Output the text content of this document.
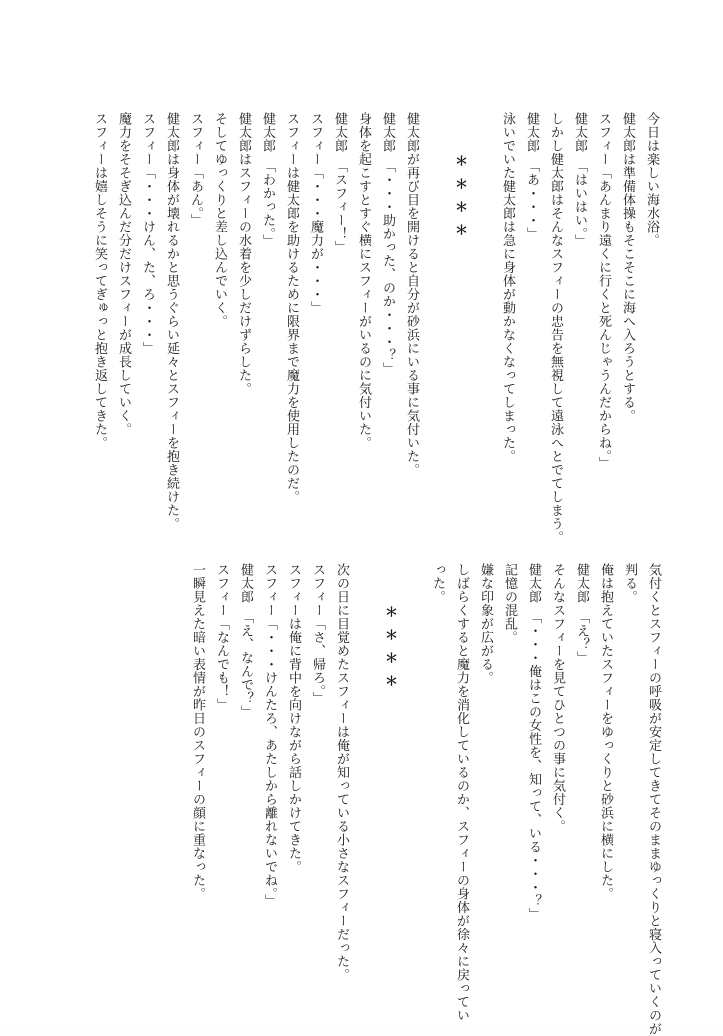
今日は楽しい海水浴。
健太郎は準備体操もそこそこに海へ入ろうとする。
スフィー「あんまり遠くに行くと死んじゃうんだからね。」
健太郎　「はいはい。」
しかし健太郎はそんなスフィーの忠告を無視して遠泳へとでてしまう。
健太郎　「あ・・・」
泳いでいた健太郎は急に身体が動かなくなってしまった。
＊＊＊＊
健太郎が再び目を開けると自分が砂浜にいる事に気付いた。
健太郎　「・・・助かった、のか・・・？」
身体を起こすとすぐ横にスフィーがいるのに気付いた。
健太郎　「スフィー！」
スフィー「・・・魔力が・・・」
スフィーは健太郎を助けるために限界まで魔力を使用したのだ。
健太郎　「わかった。」
健太郎はスフィーの水着を少しだけずらした。
そしてゆっくりと差し込んでいく。
スフィー「あん。」
健太郎は身体が壊れるかと思うぐらい延々とスフィーを抱き続けた。
スフィー「・・・けん、た、ろ・・・」
魔力をそそぎ込んだ分だけスフィーが成長していく。
スフィーは嬉しそうに笑ってぎゅっと抱き返してきた。
気付くとスフィーの呼吸が安定してきてそのままゆっくりと寝入っていくのが
判る。
俺は抱えていたスフィーをゆっくりと砂浜に横にした。
健太郎　「え？」
そんなスフィーを見てひとつの事に気付く。
健太郎　「・・・俺はこの女性を、知って、いる・・・？」
記憶の混乱。
嫌な印象が広がる。
しばらくすると魔力を消化しているのか、スフィーの身体が徐々に戻ってい
った。
＊＊＊＊
次の日に目覚めたスフィーは俺が知っている小さなスフィーだった。
スフィー「さ、帰ろ。」
スフィーは俺に背中を向けながら話しかけてきた。
スフィー「・・・けんたろ、あたしから離れないでね。」
健太郎　「え、なんで？」
スフィー「なんでも！」
一瞬見えた暗い表情が昨日のスフィーの顔に重なった。
